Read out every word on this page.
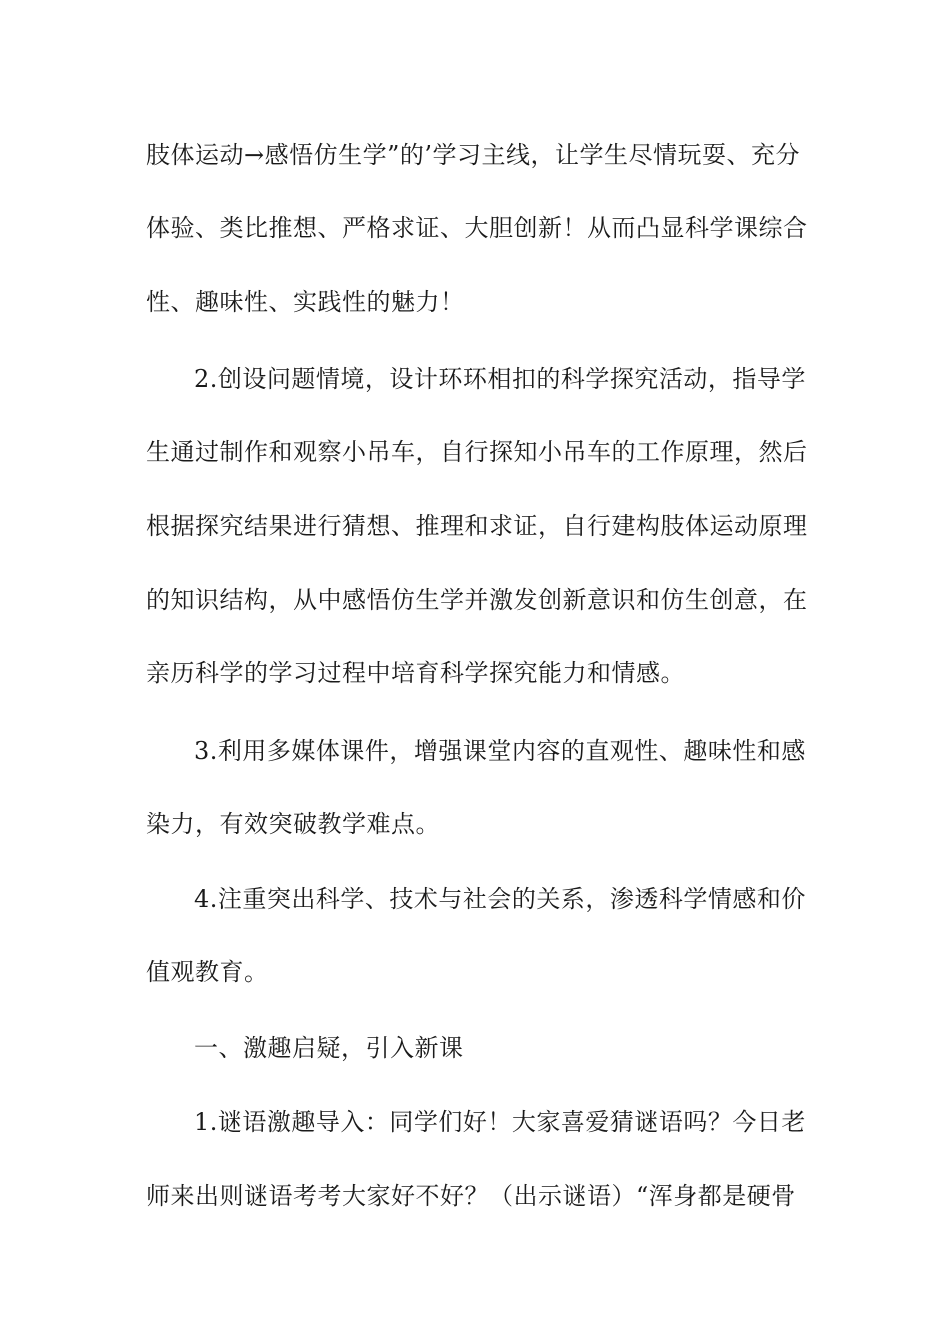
肢体运动→感悟仿生学”的’学习主线，让学生尽情玩耍、充分
体验、类比推想、严格求证、大胆创新！从而凸显科学课综合
性、趣味性、实践性的魅力！
2.创设问题情境，设计环环相扣的科学探究活动，指导学
生通过制作和观察小吊车，自行探知小吊车的工作原理，然后
根据探究结果进行猜想、推理和求证，自行建构肢体运动原理
的知识结构，从中感悟仿生学并激发创新意识和仿生创意，在
亲历科学的学习过程中培育科学探究能力和情感。
3.利用多媒体课件，增强课堂内容的直观性、趣味性和感
染力，有效突破教学难点。
4.注重突出科学、技术与社会的关系，渗透科学情感和价
值观教育。
一、激趣启疑，引入新课
1.谜语激趣导入：同学们好！大家喜爱猜谜语吗？今日老
师来出则谜语考考大家好不好？（出示谜语）“浑身都是硬骨
